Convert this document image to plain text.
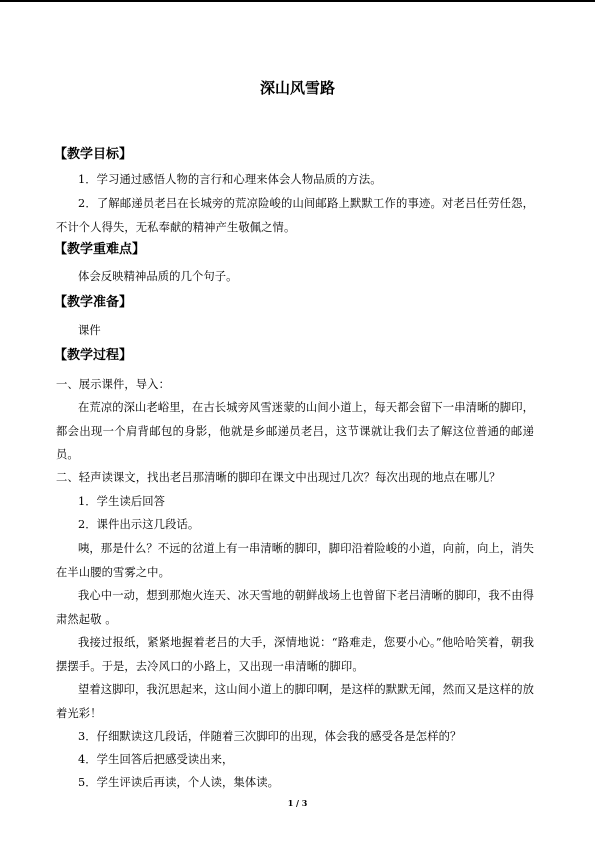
深山风雪路
【教学目标】
1．学习通过感悟人物的言行和心理来体会人物品质的方法。
2．了解邮递员老吕在长城旁的荒凉险峻的山间邮路上默默工作的事迹。对老吕任劳任怨，不计个人得失，无私奉献的精神产生敬佩之情。
【教学重难点】
体会反映精神品质的几个句子。
【教学准备】
课件
【教学过程】
一、展示课件，导入：
在荒凉的深山老峪里，在古长城旁风雪迷蒙的山间小道上，每天都会留下一串清晰的脚印，都会出现一个肩背邮包的身影，他就是乡邮递员老吕，这节课就让我们去了解这位普通的邮递员。
二、轻声读课文，找出老吕那清晰的脚印在课文中出现过几次？每次出现的地点在哪儿？
1．学生读后回答
2．课件出示这几段话。
咦，那是什么？不远的岔道上有一串清晰的脚印，脚印沿着险峻的小道，向前，向上，消失在半山腰的雪雾之中。
我心中一动，想到那炮火连天、冰天雪地的朝鲜战场上也曾留下老吕清晰的脚印，我不由得肃然起敬 。
我接过报纸，紧紧地握着老吕的大手，深情地说：“路难走，您要小心。”他哈哈笑着，朝我摆摆手。于是，去冷风口的小路上，又出现一串清晰的脚印。
望着这脚印，我沉思起来，这山间小道上的脚印啊，是这样的默默无闻，然而又是这样的放着光彩！
3．仔细默读这几段话，伴随着三次脚印的出现，体会我的感受各是怎样的？
4．学生回答后把感受读出来，
5．学生评读后再读，个人读，集体读。
1 / 3
